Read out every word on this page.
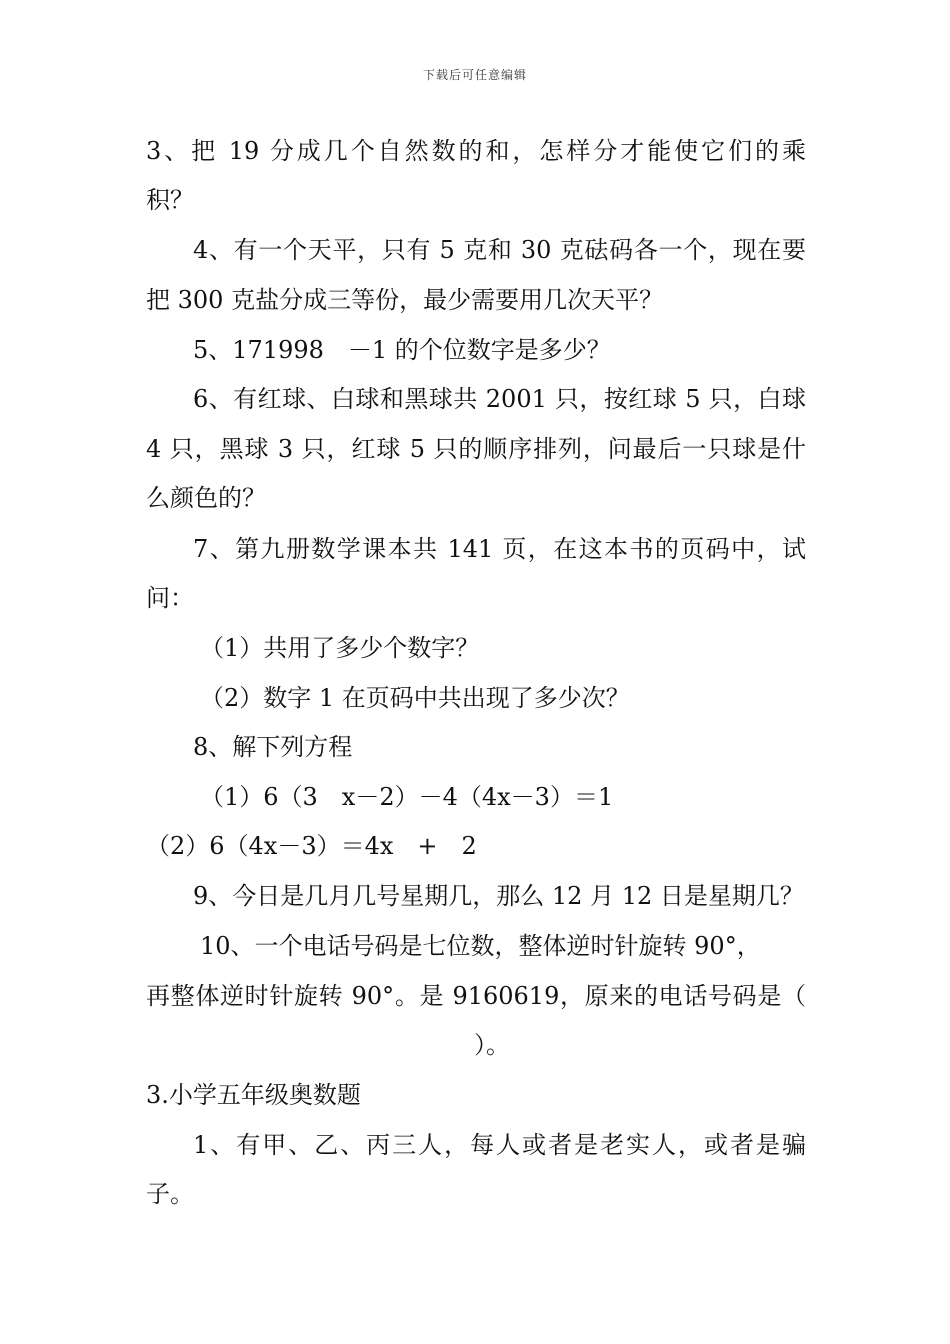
下载后可任意编辑
3、把 19 分成几个自然数的和，怎样分才能使它们的乘
积？
4、有一个天平，只有 5 克和 30 克砝码各一个，现在要
把 300 克盐分成三等份，最少需要用几次天平？
5、171998　－1 的个位数字是多少？
6、有红球、白球和黑球共 2001 只，按红球 5 只，白球
4 只，黑球 3 只，红球 5 只的顺序排列，问最后一只球是什
么颜色的？
7、第九册数学课本共 141 页，在这本书的页码中，试
问：
（1）共用了多少个数字？
（2）数字 1 在页码中共出现了多少次？
8、解下列方程
（1）6（3　x－2）－4（4x－3）＝1
（2）6（4x－3）＝4x　+　2
9、今日是几月几号星期几，那么 12 月 12 日是星期几？
10、一个电话号码是七位数，整体逆时针旋转 90°，
再整体逆时针旋转 90°。是 9160619，原来的电话号码是（
）。
3.小学五年级奥数题
1、有甲、乙、丙三人，每人或者是老实人，或者是骗
子。
